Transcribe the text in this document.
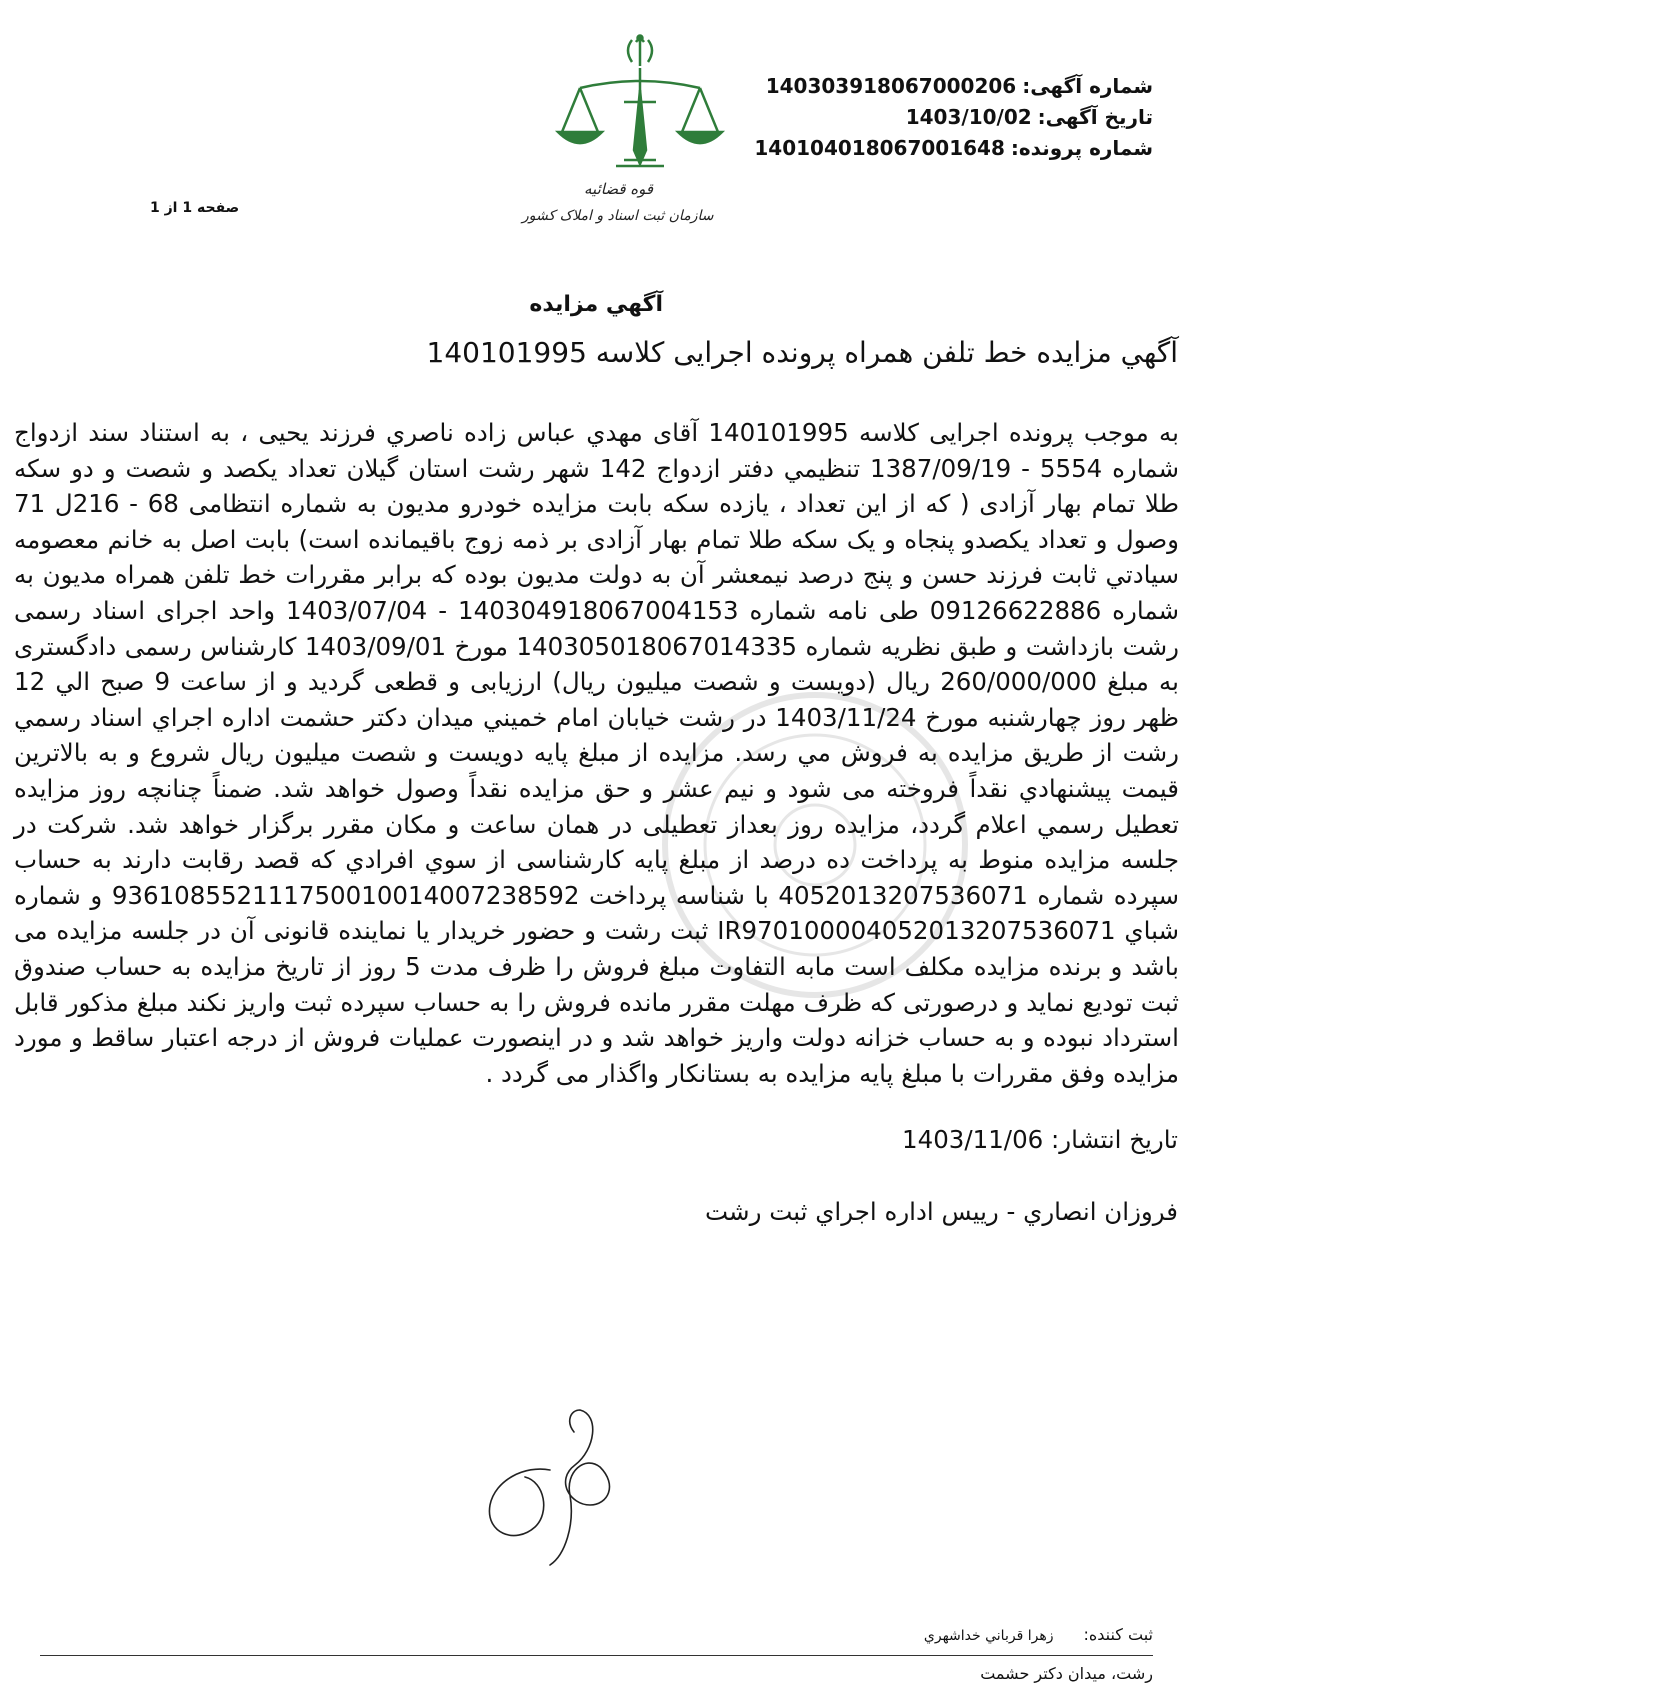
شماره آگهی:140303918067000206
تاریخ آگهی:1403/10/02
شماره پرونده:140104018067001648
صفحه 1 از 1
قوه قضائیه
سازمان ثبت اسناد و املاک کشور
آگهي مزايده
آگهي مزايده خط تلفن همراه پرونده اجرايی كلاسه 140101995
به موجب پرونده اجرايی كلاسه 140101995 آقای مهدي عباس زاده ناصري فرزند يحيی ، به استناد سند ازدواج شماره 5554 - 1387/09/19 تنظيمي دفتر ازدواج 142 شهر رشت استان گيلان تعداد يكصد و شصت و دو سكه طلا تمام بهار آزادی ( كه از اين تعداد ، يازده سكه بابت مزايده خودرو مديون به شماره انتظامی 68 - 216ل 71 وصول و تعداد يكصدو پنجاه و يک سكه طلا تمام بهار آزادی بر ذمه زوج باقيمانده است) بابت اصل به خانم معصومه سيادتي ثابت فرزند حسن و پنج درصد نيمعشر آن به دولت مديون بوده كه برابر مقررات خط تلفن همراه مديون به شماره 09126622886 طی نامه شماره 140304918067004153 - 1403/07/04 واحد اجرای اسناد رسمی رشت بازداشت و طبق نظريه شماره 140305018067014335 مورخ 1403/09/01 كارشناس رسمی دادگستری به مبلغ 260/000/000 ريال (دويست و شصت ميليون ريال) ارزيابی و قطعی گرديد و از ساعت 9 صبح الي 12 ظهر روز چهارشنبه مورخ 1403/11/24 در رشت خيابان امام خميني ميدان دكتر حشمت اداره اجراي اسناد رسمي رشت از طريق مزايده به فروش مي رسد. مزايده از مبلغ پايه دويست و شصت ميليون ريال شروع و به بالاترين قيمت پيشنهادي نقداً فروخته می شود و نيم عشر و حق مزايده نقداً وصول خواهد شد. ضمناً چنانچه روز مزايده تعطيل رسمي اعلام گردد، مزايده روز بعداز تعطيلی در همان ساعت و مكان مقرر برگزار خواهد شد. شركت در جلسه مزايده منوط به پرداخت ده درصد از مبلغ پايه كارشناسی از سوي افرادي كه قصد رقابت دارند به حساب سپرده شماره 4052013207536071 با شناسه پرداخت 936108552111750010014007238592 و شماره شباي IR970100004052013207536071 ثبت رشت و حضور خريدار يا نماينده قانونی آن در جلسه مزايده می باشد و برنده مزايده مكلف است مابه التفاوت مبلغ فروش را ظرف مدت 5 روز از تاريخ مزايده به حساب صندوق ثبت توديع نمايد و درصورتی كه ظرف مهلت مقرر مانده فروش را به حساب سپرده ثبت واريز نكند مبلغ مذكور قابل استرداد نبوده و به حساب خزانه دولت واريز خواهد شد و در اينصورت عمليات فروش از درجه اعتبار ساقط و مورد مزايده وفق مقررات با مبلغ پايه مزايده به بستانكار واگذار می گردد .
تاريخ انتشار: 1403/11/06
فروزان انصاري - رييس اداره اجراي ثبت رشت
ثبت كننده:زهرا قرباني خداشهري
رشت، ميدان دكتر حشمت
